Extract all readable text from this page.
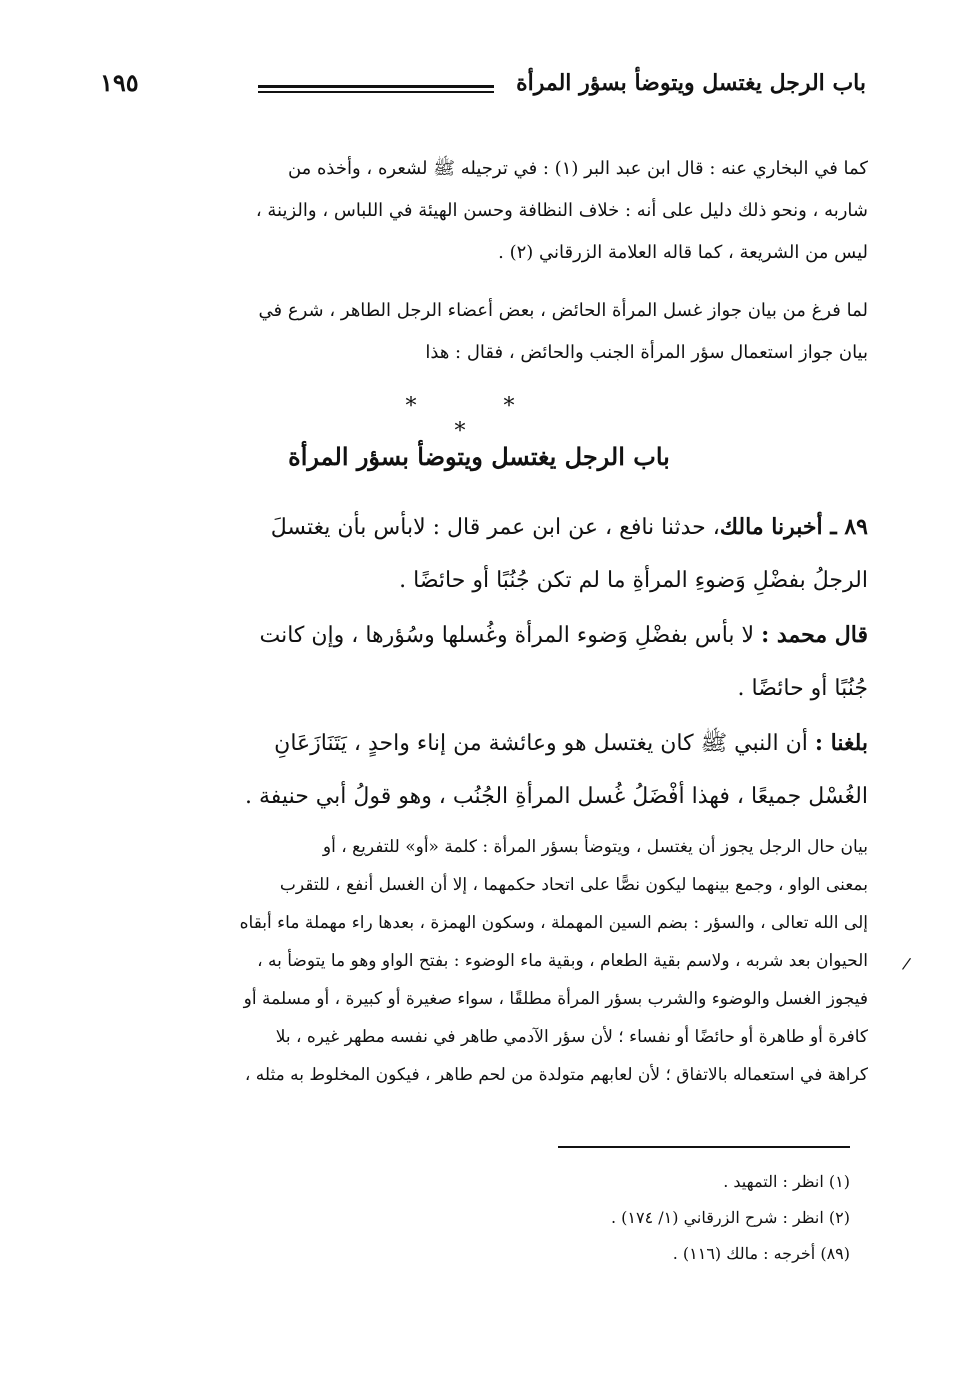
باب الرجل يغتسل ويتوضأ بسؤر المرأة
١٩٥
كما في البخاري عنه : قال ابن عبد البر (١) : في ترجيله ﷺ لشعره ، وأخذه من
شاربه ، ونحو ذلك دليل على أنه : خلاف النظافة وحسن الهيئة في اللباس ، والزينة ،
ليس من الشريعة ، كما قاله العلامة الزرقاني (٢) .
لما فرغ من بيان جواز غسل المرأة الحائض ، بعض أعضاء الرجل الطاهر ، شرع في
بيان جواز استعمال سؤر المرأة الجنب والحائض ، فقال : هذا
* * *
باب الرجل يغتسل ويتوضأ بسؤر المرأة
٨٩ ـ أخبرنا مالك، حدثنا نافع ، عن ابن عمر قال : لابأس بأن يغتسلَ
الرجلُ بفضْلِ وَضوءِ المرأةِ ما لم تكن جُنُبًا أو حائضًا .
قال محمد : لا بأس بفضْلِ وَضوء المرأة وغُسلها وسُؤرها ، وإن كانت
جُنُبًا أو حائضًا .
بلغنا : أن النبي ﷺ كان يغتسل هو وعائشة من إناء واحدٍ ، يَتَنَازَعَانِ
الغُسْل جميعًا ، فهذا أفْضَلُ غُسل المرأةِ الجُنُب ، وهو قولُ أبي حنيفة .
بيان حال الرجل يجوز أن يغتسل ، ويتوضأ بسؤر المرأة : كلمة «أو» للتفريع ، أو
بمعنى الواو ، وجمع بينهما ليكون نصًّا على اتحاد حكمهما ، إلا أن الغسل أنفع ، للتقرب
إلى الله تعالى ، والسؤر : بضم السين المهملة ، وسكون الهمزة ، بعدها راء مهملة ماء أبقاه
الحيوان بعد شربه ، ولاسم بقية الطعام ، وبقية ماء الوضوء : بفتح الواو وهو ما يتوضأ به ،
فيجوز الغسل والوضوء والشرب بسؤر المرأة مطلقًا ، سواء صغيرة أو كبيرة ، أو مسلمة أو
كافرة أو طاهرة أو حائضًا أو نفساء ؛ لأن سؤر الآدمي طاهر في نفسه مطهر غيره ، بلا
كراهة في استعماله بالاتفاق ؛ لأن لعابهم متولدة من لحم طاهر ، فيكون المخلوط به مثله ،
/
(١) انظر : التمهيد .
(٢) انظر : شرح الزرقاني (١/ ١٧٤) .
(٨٩) أخرجه : مالك (١١٦) .
